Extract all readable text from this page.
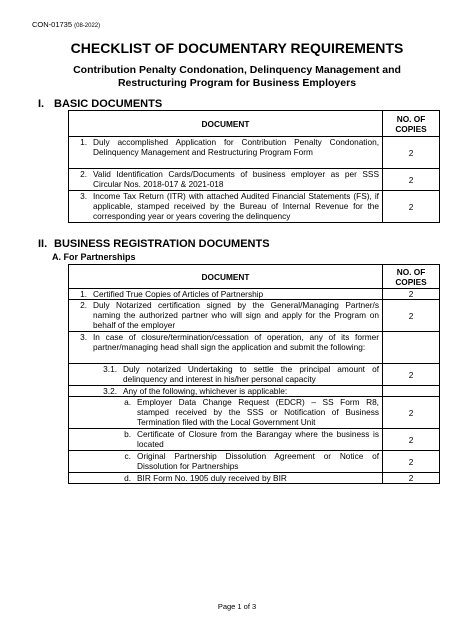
CON-01735 (08-2022)
CHECKLIST OF DOCUMENTARY REQUIREMENTS
Contribution Penalty Condonation, Delinquency Management and
Restructuring Program for Business Employers
I. BASIC DOCUMENTS
DOCUMENT	NO. OF
COPIES

1. Duly accomplished Application for Contribution Penalty Condonation, Delinquency Management and Restructuring Program Form	2

2. Valid Identification Cards/Documents of business employer as per SSS Circular Nos. 2018-017 & 2021-018	2

3. Income Tax Return (ITR) with attached Audited Financial Statements (FS), if applicable, stamped received by the Bureau of Internal Revenue for the corresponding year or years covering the delinquency	2
II. BUSINESS REGISTRATION DOCUMENTS
A. For Partnerships
DOCUMENT	NO. OF
COPIES

1. Certified True Copies of Articles of Partnership	2

2. Duly Notarized certification signed by the General/Managing Partner/s naming the authorized partner who will sign and apply for the Program on behalf of the employer	2

3. In case of closure/termination/cessation of operation, any of its former partner/managing head shall sign the application and submit the following:	

3.1. Duly notarized Undertaking to settle the principal amount of delinquency and interest in his/her personal capacity	2

3.2. Any of the following, whichever is applicable:	

a. Employer Data Change Request (EDCR) – SS Form R8, stamped received by the SSS or Notification of Business Termination filed with the Local Government Unit	2

b. Certificate of Closure from the Barangay where the business is located	2

c. Original Partnership Dissolution Agreement or Notice of Dissolution for Partnerships	2

d. BIR Form No. 1905 duly received by BIR	2
Page 1 of 3
